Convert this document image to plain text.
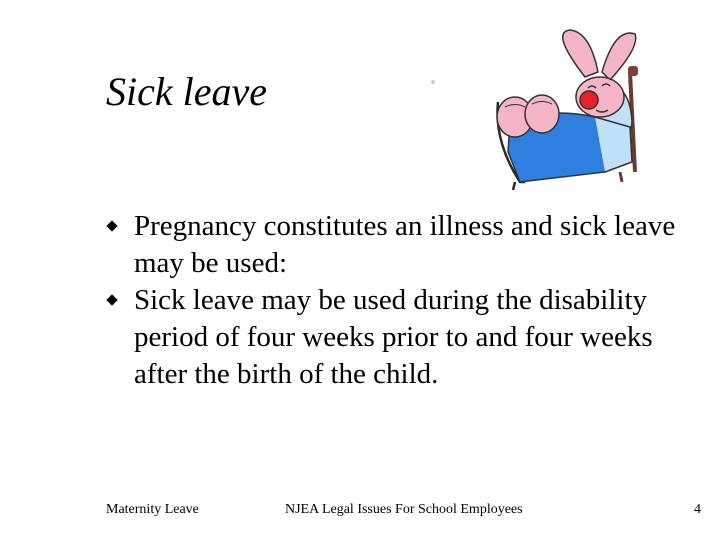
Sick leave
Pregnancy constitutes an illness and sick leave may be used:
Sick leave may be used during the disability period of four weeks prior to and four weeks after the birth of the child.
Maternity Leave	NJEA Legal Issues For School Employees	4
